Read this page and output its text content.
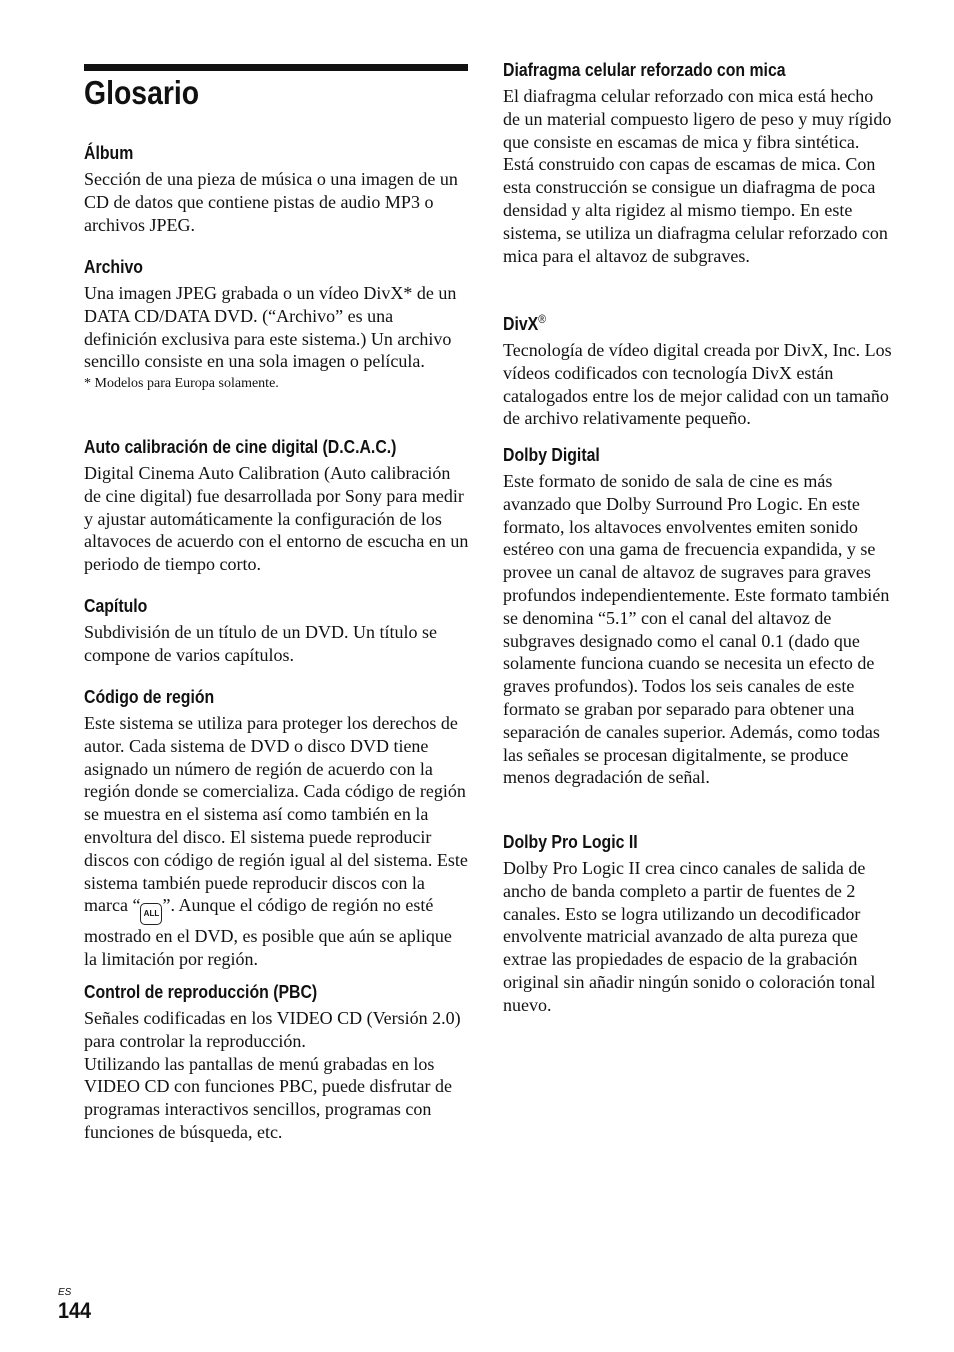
Glosario
Álbum

Sección de una pieza de música o una imagen de un CD de datos que contiene pistas de audio MP3 o archivos JPEG.

Archivo

Una imagen JPEG grabada o un vídeo DivX* de un DATA CD/DATA DVD. (“Archivo” es una definición exclusiva para este sistema.) Un archivo sencillo consiste en una sola imagen o película.

* Modelos para Europa solamente.

Auto calibración de cine digital (D.C.A.C.)

Digital Cinema Auto Calibration (Auto calibración de cine digital) fue desarrollada por Sony para medir y ajustar automáticamente la configuración de los altavoces de acuerdo con el entorno de escucha en un periodo de tiempo corto.

Capítulo

Subdivisión de un título de un DVD. Un título se compone de varios capítulos.

Código de región

Este sistema se utiliza para proteger los derechos de autor. Cada sistema de DVD o disco DVD tiene asignado un número de región de acuerdo con la región donde se comercializa. Cada código de región se muestra en el sistema así como también en la envoltura del disco. El sistema puede reproducir discos con código de región igual al del sistema. Este sistema también puede reproducir discos con la marca “ ALL ”. Aunque el código de región no esté mostrado en el DVD, es posible que aún se aplique la limitación por región.

Control de reproducción (PBC)

Señales codificadas en los VIDEO CD (Versión 2.0) para controlar la reproducción.

Utilizando las pantallas de menú grabadas en los VIDEO CD con funciones PBC, puede disfrutar de programas interactivos sencillos, programas con funciones de búsqueda, etc.

Diafragma celular reforzado con mica

El diafragma celular reforzado con mica está hecho de un material compuesto ligero de peso y muy rígido que consiste en escamas de mica y fibra sintética.

Está construido con capas de escamas de mica. Con esta construcción se consigue un diafragma de poca densidad y alta rigidez al mismo tiempo. En este sistema, se utiliza un diafragma celular reforzado con mica para el altavoz de subgraves.

DivX®

Tecnología de vídeo digital creada por DivX, Inc. Los vídeos codificados con tecnología DivX están catalogados entre los de mejor calidad con un tamaño de archivo relativamente pequeño.

Dolby Digital

Este formato de sonido de sala de cine es más avanzado que Dolby Surround Pro Logic. En este formato, los altavoces envolventes emiten sonido estéreo con una gama de frecuencia expandida, y se provee un canal de altavoz de sugraves para graves profundos independientemente. Este formato también se denomina “5.1” con el canal del altavoz de subgraves designado como el canal 0.1 (dado que solamente funciona cuando se necesita un efecto de graves profundos). Todos los seis canales de este formato se graban por separado para obtener una separación de canales superior. Además, como todas las señales se procesan digitalmente, se produce menos degradación de señal.

Dolby Pro Logic II

Dolby Pro Logic II crea cinco canales de salida de ancho de banda completo a partir de fuentes de 2 canales. Esto se logra utilizando un decodificador envolvente matricial avanzado de alta pureza que extrae las propiedades de espacio de la grabación original sin añadir ningún sonido o coloración tonal nuevo.

ES
144
